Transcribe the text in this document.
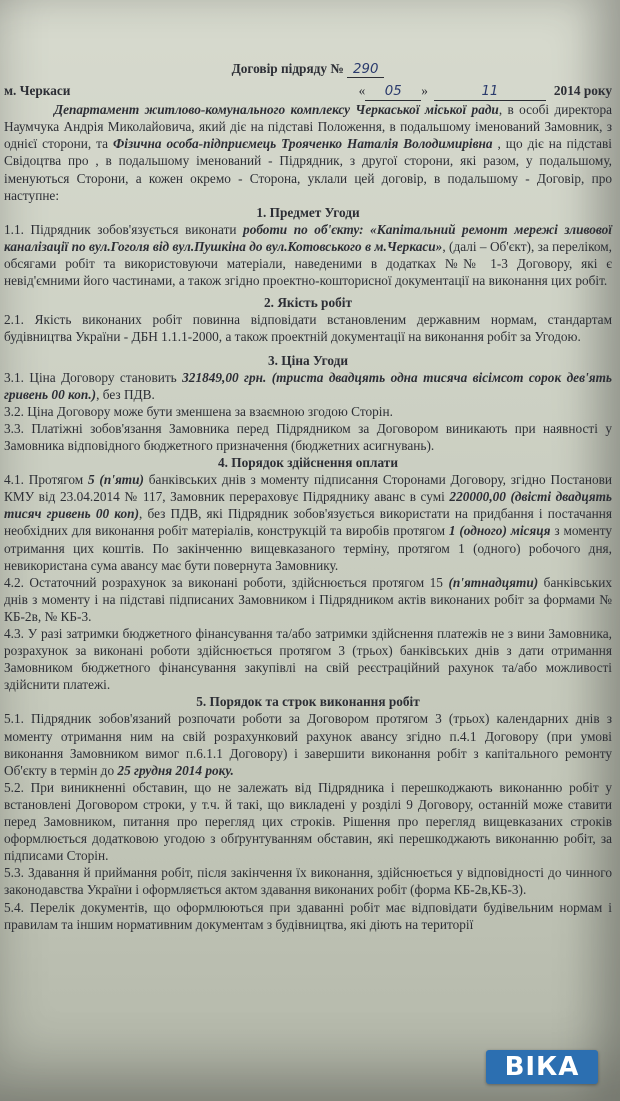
Договір підряду № 290

м. Черкаси	«	05	»	11	2014 року

Департамент житлово-комунального комплексу Черкаської міської ради, в особі директора Наумчука Андрія Миколайовича, який діє на підставі Положення, в подальшому іменований Замовник, з однієї сторони, та Фізична особа-підприємець Трояченко Наталія Володимирівна , що діє на підставі Свідоцтва про , в подальшому іменований - Підрядник, з другої сторони, які разом, у подальшому, іменуються Сторони, а кожен окремо - Сторона, уклали цей договір, в подальшому - Договір, про наступне:

1. Предмет Угоди

1.1. Підрядник зобов'язується виконати роботи по об'єкту: «Капітальний ремонт мережі зливової каналізації по вул.Гоголя від вул.Пушкіна до вул.Котовського в м.Черкаси», (далі – Об'єкт), за переліком, обсягами робіт та використовуючи матеріали, наведеними в додатках №№ 1-3 Договору, які є невід'ємними його частинами, а також згідно проектно-кошторисної документації на виконання цих робіт.

2. Якість робіт

2.1. Якість виконаних робіт повинна відповідати встановленим державним нормам, стандартам будівництва України - ДБН 1.1.1-2000, а також проектній документації на виконання робіт за Угодою.

3. Ціна Угоди

3.1. Ціна Договору становить 321849,00 грн. (триста двадцять одна тисяча вісімсот сорок дев'ять гривень 00 коп.), без ПДВ.

3.2. Ціна Договору може бути зменшена за взаємною згодою Сторін.

3.3. Платіжні зобов'язання Замовника перед Підрядником за Договором виникають при наявності у Замовника відповідного бюджетного призначення (бюджетних асигнувань).

4. Порядок здійснення оплати

4.1. Протягом 5 (п'яти) банківських днів з моменту підписання Сторонами Договору, згідно Постанови КМУ від 23.04.2014 № 117, Замовник перераховує Підряднику аванс в сумі 220000,00 (двісті двадцять тисяч гривень 00 коп), без ПДВ, які Підрядник зобов'язується використати на придбання і постачання необхідних для виконання робіт матеріалів, конструкцій та виробів протягом 1 (одного) місяця з моменту отримання цих коштів. По закінченню вищевказаного терміну, протягом 1 (одного) робочого дня, невикористана сума авансу має бути повернута Замовнику.

4.2. Остаточний розрахунок за виконані роботи, здійснюється протягом 15 (п'ятнадцяти) банківських днів з моменту і на підставі підписаних Замовником і Підрядником актів виконаних робіт за формами № КБ-2в, № КБ-3.

4.3. У разі затримки бюджетного фінансування та/або затримки здійснення платежів не з вини Замовника, розрахунок за виконані роботи здійснюється протягом 3 (трьох) банківських днів з дати отримання Замовником бюджетного фінансування закупівлі на свій реєстраційний рахунок та/або можливості здійснити платежі.

5. Порядок та строк виконання робіт

5.1. Підрядник зобов'язаний розпочати роботи за Договором протягом 3 (трьох) календарних днів з моменту отримання ним на свій розрахунковий рахунок авансу згідно п.4.1 Договору (при умові виконання Замовником вимог п.6.1.1 Договору) і завершити виконання робіт з капітального ремонту Об'єкту в термін до 25 грудня 2014 року.

5.2. При виникненні обставин, що не залежать від Підрядника і перешкоджають виконанню робіт у встановлені Договором строки, у т.ч. й такі, що викладені у розділі 9 Договору, останній може ставити перед Замовником, питання про перегляд цих строків. Рішення про перегляд вищевказаних строків оформлюється додатковою угодою з обґрунтуванням обставин, які перешкоджають виконанню робіт, за підписами Сторін.

5.3. Здавання й приймання робіт, після закінчення їх виконання, здійснюється у відповідності до чинного законодавства України і оформляється актом здавання виконаних робіт (форма КБ-2в,КБ-3).

5.4. Перелік документів, що оформлюються при здаванні робіт має відповідати будівельним нормам і правилам та іншим нормативним документам з будівництва, які діють на території

ВІКА
